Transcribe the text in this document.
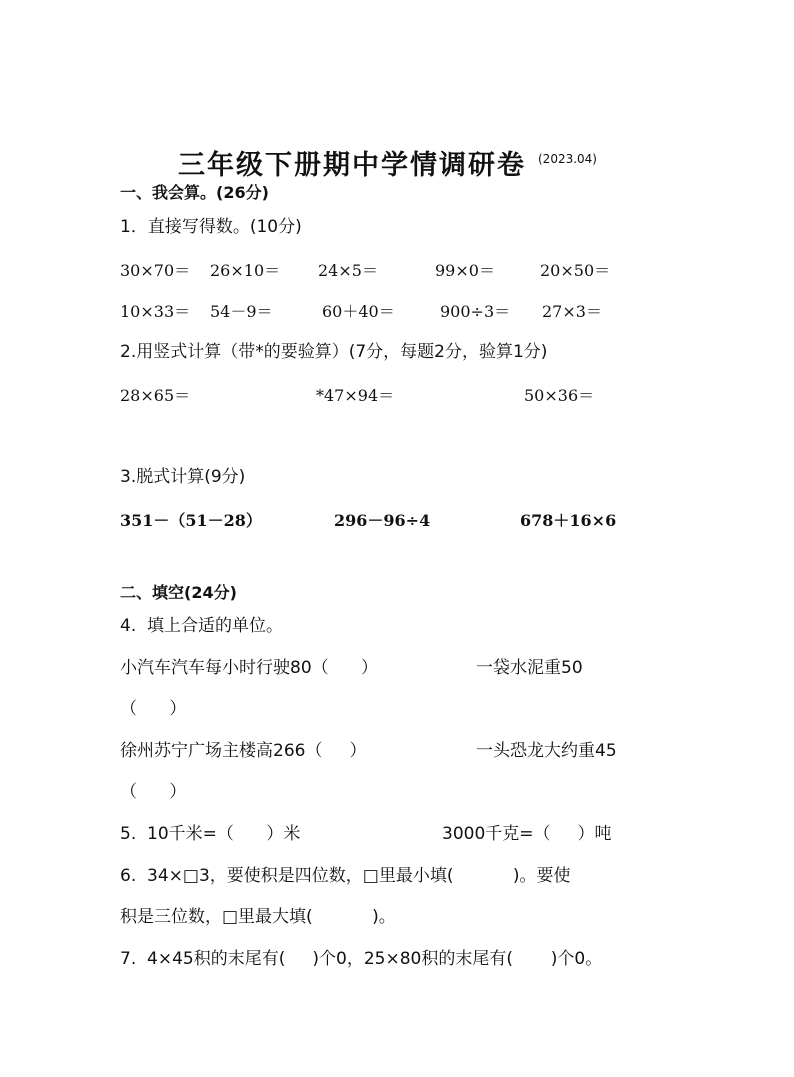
三年级下册期中学情调研卷 (2023.04)
一、我会算。(26分)
1．直接写得数。(10分)
30×70＝ 26×10＝ 24×5＝	99×0＝	20×50＝
10×33＝ 54－9＝	60＋40＝	900÷3＝ 27×3＝
2.用竖式计算（带*的要验算）(7分，每题2分，验算1分)
28×65＝	*47×94＝	50×36＝
3.脱式计算(9分)
351－（51－28）	296－96÷4	678＋16×6
二、填空(24分)
4.  填上合适的单位。
小汽车汽车每小时行驶80（      ）	一袋水泥重50
（      ）
徐州苏宁广场主楼高266（     ）	一头恐龙大约重45
（      ）
5.  10千米=（      ）米	3000千克=（     ）吨
6.  34×□3，要使积是四位数，□里最小填(           )。要使
积是三位数，□里最大填(           )。
7.  4×45积的末尾有(     )个0，25×80积的末尾有(       )个0。
